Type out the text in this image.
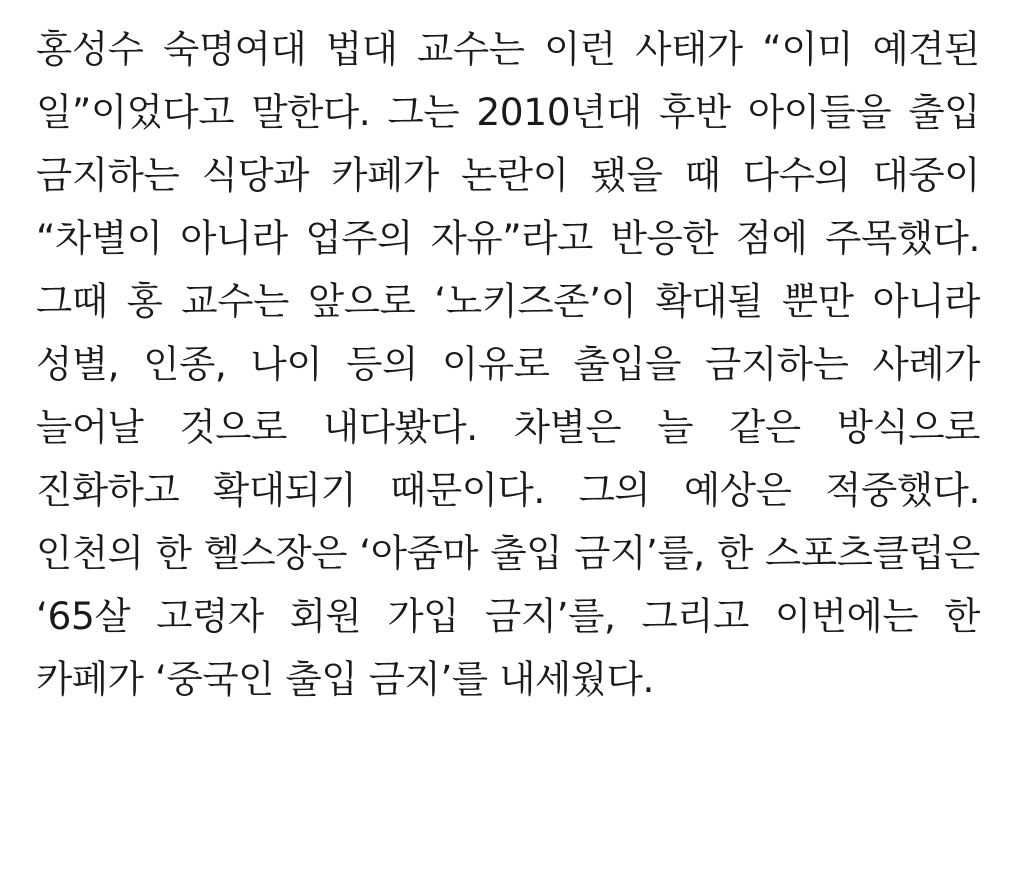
홍성수 숙명여대 법대 교수는 이런 사태가 “이미 예견된 일”이었다고 말한다. 그는 2010년대 후반 아이들을 출입 금지하는 식당과 카페가 논란이 됐을 때 다수의 대중이 “차별이 아니라 업주의 자유”라고 반응한 점에 주목했다. 그때 홍 교수는 앞으로 ‘노키즈존’이 확대될 뿐만 아니라 성별, 인종, 나이 등의 이유로 출입을 금지하는 사례가 늘어날 것으로 내다봤다. 차별은 늘 같은 방식으로 진화하고 확대되기 때문이다. 그의 예상은 적중했다. 인천의 한 헬스장은 ‘아줌마 출입 금지’를, 한 스포츠클럽은 ‘65살 고령자 회원 가입 금지’를, 그리고 이번에는 한 카페가 ‘중국인 출입 금지’를 내세웠다.
